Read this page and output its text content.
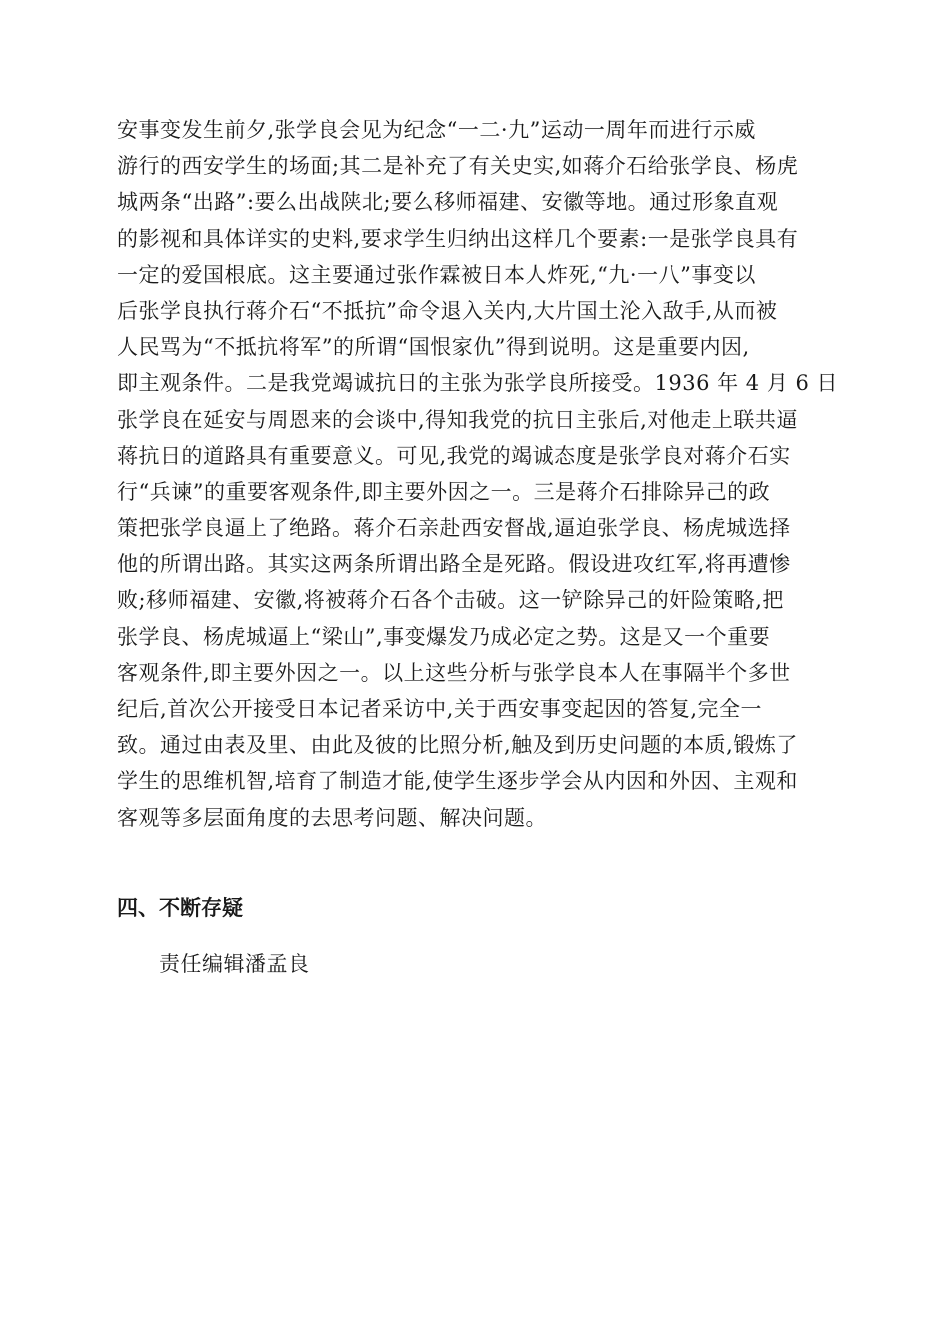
安事变发生前夕,张学良会见为纪念“一二·九”运动一周年而进行示威
游行的西安学生的场面;其二是补充了有关史实,如蒋介石给张学良、杨虎
城两条“出路”:要么出战陕北;要么移师福建、安徽等地。通过形象直观
的影视和具体详实的史料,要求学生归纳出这样几个要素:一是张学良具有
一定的爱国根底。这主要通过张作霖被日本人炸死,“九·一八”事变以
后张学良执行蒋介石“不抵抗”命令退入关内,大片国土沦入敌手,从而被
人民骂为“不抵抗将军”的所谓“国恨家仇”得到说明。这是重要内因,
即主观条件。二是我党竭诚抗日的主张为张学良所接受。1936 年 4 月 6 日
张学良在延安与周恩来的会谈中,得知我党的抗日主张后,对他走上联共逼
蒋抗日的道路具有重要意义。可见,我党的竭诚态度是张学良对蒋介石实
行“兵谏”的重要客观条件,即主要外因之一。三是蒋介石排除异己的政
策把张学良逼上了绝路。蒋介石亲赴西安督战,逼迫张学良、杨虎城选择
他的所谓出路。其实这两条所谓出路全是死路。假设进攻红军,将再遭惨
败;移师福建、安徽,将被蒋介石各个击破。这一铲除异己的奸险策略,把
张学良、杨虎城逼上“梁山”,事变爆发乃成必定之势。这是又一个重要
客观条件,即主要外因之一。以上这些分析与张学良本人在事隔半个多世
纪后,首次公开接受日本记者采访中,关于西安事变起因的答复,完全一
致。通过由表及里、由此及彼的比照分析,触及到历史问题的本质,锻炼了
学生的思维机智,培育了制造才能,使学生逐步学会从内因和外因、主观和
客观等多层面角度的去思考问题、解决问题。
四、不断存疑
责任编辑潘孟良
